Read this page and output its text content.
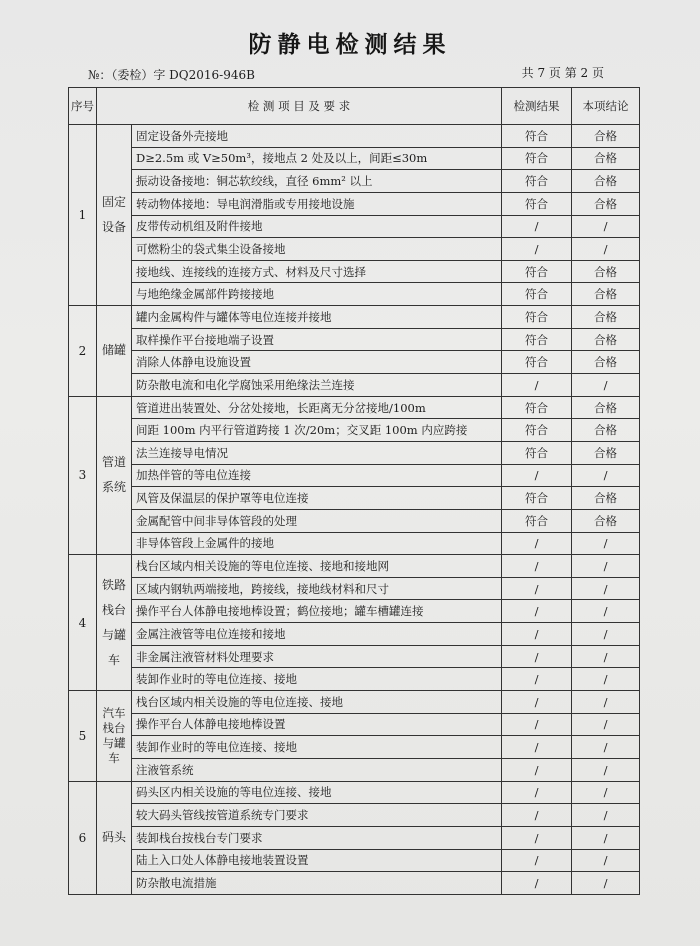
防静电检测结果
№：（委检）字 DQ2016-946B	共 7 页 第 2 页
序号	检 测 项 目 及 要 求		检测结果	本项结论
1	固定设备	固定设备外壳接地	符合	合格
		D≥2.5m 或 V≥50m³，接地点 2 处及以上，间距≤30m	符合	合格
		振动设备接地：铜芯软绞线，直径 6mm² 以上	符合	合格
		转动物体接地：导电润滑脂或专用接地设施	符合	合格
		皮带传动机组及附件接地	/	/
		可燃粉尘的袋式集尘设备接地	/	/
		接地线、连接线的连接方式、材料及尺寸选择	符合	合格
		与地绝缘金属部件跨接接地	符合	合格
2	储罐	罐内金属构件与罐体等电位连接并接地	符合	合格
		取样操作平台接地端子设置	符合	合格
		消除人体静电设施设置	符合	合格
		防杂散电流和电化学腐蚀采用绝缘法兰连接	/	/
3	管道系统	管道进出装置处、分岔处接地，长距离无分岔接地/100m	符合	合格
		间距 100m 内平行管道跨接 1 次/20m；交叉距 100m 内应跨接	符合	合格
		法兰连接导电情况	符合	合格
		加热伴管的等电位连接	/	/
		风管及保温层的保护罩等电位连接	符合	合格
		金属配管中间非导体管段的处理	符合	合格
		非导体管段上金属件的接地	/	/
4	铁路栈台与罐车	栈台区域内相关设施的等电位连接、接地和接地网	/	/
		区域内钢轨两端接地，跨接线，接地线材料和尺寸	/	/
		操作平台人体静电接地棒设置；鹤位接地；罐车槽罐连接	/	/
		金属注液管等电位连接和接地	/	/
		非金属注液管材料处理要求	/	/
		装卸作业时的等电位连接、接地	/	/
5	汽车栈台与罐车	栈台区域内相关设施的等电位连接、接地	/	/
		操作平台人体静电接地棒设置	/	/
		装卸作业时的等电位连接、接地	/	/
		注液管系统	/	/
6	码头	码头区内相关设施的等电位连接、接地	/	/
		较大码头管线按管道系统专门要求	/	/
		装卸栈台按栈台专门要求	/	/
		陆上入口处人体静电接地装置设置	/	/
		防杂散电流措施	/	/
